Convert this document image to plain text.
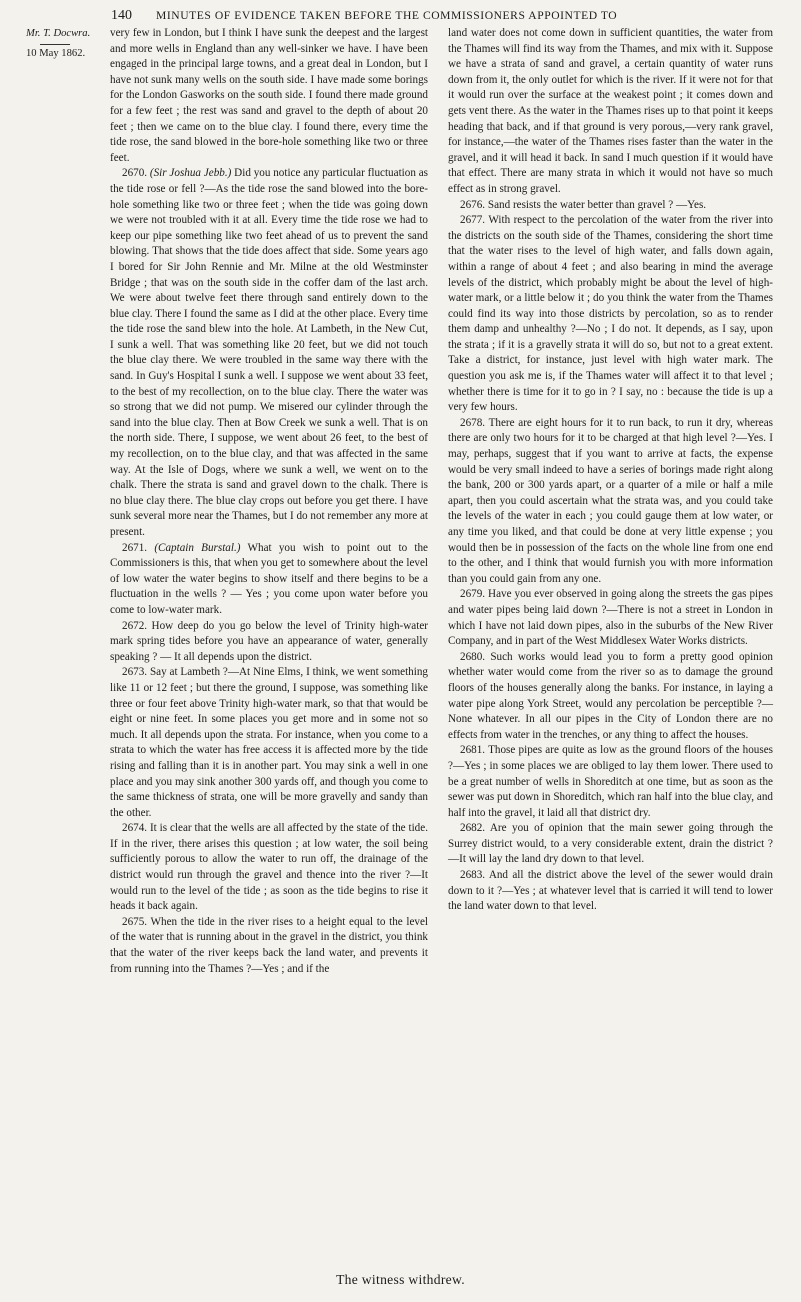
140 MINUTES OF EVIDENCE TAKEN BEFORE THE COMMISSIONERS APPOINTED TO
Mr. T. Docwra.
10 May 1862.

very few in London, but I think I have sunk the deepest and the largest and more wells in England than any well-sinker we have. I have been engaged in the principal large towns, and a great deal in London, but I have not sunk many wells on the south side. I have made some borings for the London Gasworks on the south side. I found there made ground for a few feet ; the rest was sand and gravel to the depth of about 20 feet ; then we came on to the blue clay. I found there, every time the tide rose, the sand blowed in the bore-hole something like two or three feet.

2670. (Sir Joshua Jebb.) Did you notice any particular fluctuation as the tide rose or fell ?—As the tide rose the sand blowed into the bore-hole something like two or three feet ; when the tide was going down we were not troubled with it at all. Every time the tide rose we had to keep our pipe something like two feet ahead of us to prevent the sand blowing. That shows that the tide does affect that side. Some years ago I bored for Sir John Rennie and Mr. Milne at the old Westminster Bridge ; that was on the south side in the coffer dam of the last arch. We were about twelve feet there through sand entirely down to the blue clay. There I found the same as I did at the other place. Every time the tide rose the sand blew into the hole. At Lambeth, in the New Cut, I sunk a well. That was something like 20 feet, but we did not touch the blue clay there. We were troubled in the same way there with the sand. In Guy's Hospital I sunk a well. I suppose we went about 33 feet, to the best of my recollection, on to the blue clay. There the water was so strong that we did not pump. We misered our cylinder through the sand into the blue clay. Then at Bow Creek we sunk a well. That is on the north side. There, I suppose, we went about 26 feet, to the best of my recollection, on to the blue clay, and that was affected in the same way. At the Isle of Dogs, where we sunk a well, we went on to the chalk. There the strata is sand and gravel down to the chalk. There is no blue clay there. The blue clay crops out before you get there. I have sunk several more near the Thames, but I do not remember any more at present.

2671. (Captain Burstal.) What you wish to point out to the Commissioners is this, that when you get to somewhere about the level of low water the water begins to show itself and there begins to be a fluctuation in the wells ? — Yes ; you come upon water before you come to low-water mark.

2672. How deep do you go below the level of Trinity high-water mark spring tides before you have an appearance of water, generally speaking ? — It all depends upon the district.

2673. Say at Lambeth ?—At Nine Elms, I think, we went something like 11 or 12 feet ; but there the ground, I suppose, was something like three or four feet above Trinity high-water mark, so that that would be eight or nine feet. In some places you get more and in some not so much. It all depends upon the strata. For instance, when you come to a strata to which the water has free access it is affected more by the tide rising and falling than it is in another part. You may sink a well in one place and you may sink another 300 yards off, and though you come to the same thickness of strata, one will be more gravelly and sandy than the other.

2674. It is clear that the wells are all affected by the state of the tide. If in the river, there arises this question ; at low water, the soil being sufficiently porous to allow the water to run off, the drainage of the district would run through the gravel and thence into the river ?—It would run to the level of the tide ; as soon as the tide begins to rise it heads it back again.

2675. When the tide in the river rises to a height equal to the level of the water that is running about in the gravel in the district, you think that the water of the river keeps back the land water, and prevents it from running into the Thames ?—Yes ; and if the

land water does not come down in sufficient quantities, the water from the Thames will find its way from the Thames, and mix with it. Suppose we have a strata of sand and gravel, a certain quantity of water runs down from it, the only outlet for which is the river. If it were not for that it would run over the surface at the weakest point ; it comes down and gets vent there. As the water in the Thames rises up to that point it keeps heading that back, and if that ground is very porous,—very rank gravel, for instance,—the water of the Thames rises faster than the water in the gravel, and it will head it back. In sand I much question if it would have that effect. There are many strata in which it would not have so much effect as in strong gravel.

2676. Sand resists the water better than gravel ? —Yes.

2677. With respect to the percolation of the water from the river into the districts on the south side of the Thames, considering the short time that the water rises to the level of high water, and falls down again, within a range of about 4 feet ; and also bearing in mind the average levels of the district, which probably might be about the level of high-water mark, or a little below it ; do you think the water from the Thames could find its way into those districts by percolation, so as to render them damp and unhealthy ?—No ; I do not. It depends, as I say, upon the strata ; if it is a gravelly strata it will do so, but not to a great extent. Take a district, for instance, just level with high water mark. The question you ask me is, if the Thames water will affect it to that level ; whether there is time for it to go in ? I say, no : because the tide is up a very few hours.

2678. There are eight hours for it to run back, to run it dry, whereas there are only two hours for it to be charged at that high level ?—Yes. I may, perhaps, suggest that if you want to arrive at facts, the expense would be very small indeed to have a series of borings made right along the bank, 200 or 300 yards apart, or a quarter of a mile or half a mile apart, then you could ascertain what the strata was, and you could take the levels of the water in each ; you could gauge them at low water, or any time you liked, and that could be done at very little expense ; you would then be in possession of the facts on the whole line from one end to the other, and I think that would furnish you with more information than you could gain from any one.

2679. Have you ever observed in going along the streets the gas pipes and water pipes being laid down ?—There is not a street in London in which I have not laid down pipes, also in the suburbs of the New River Company, and in part of the West Middlesex Water Works districts.

2680. Such works would lead you to form a pretty good opinion whether water would come from the river so as to damage the ground floors of the houses generally along the banks. For instance, in laying a water pipe along York Street, would any percolation be perceptible ?—None whatever. In all our pipes in the City of London there are no effects from water in the trenches, or any thing to affect the houses.

2681. Those pipes are quite as low as the ground floors of the houses ?—Yes ; in some places we are obliged to lay them lower. There used to be a great number of wells in Shoreditch at one time, but as soon as the sewer was put down in Shoreditch, which ran half into the blue clay, and half into the gravel, it laid all that district dry.

2682. Are you of opinion that the main sewer going through the Surrey district would, to a very considerable extent, drain the district ?—It will lay the land dry down to that level.

2683. And all the district above the level of the sewer would drain down to it ?—Yes ; at whatever level that is carried it will tend to lower the land water down to that level.

The witness withdrew.
